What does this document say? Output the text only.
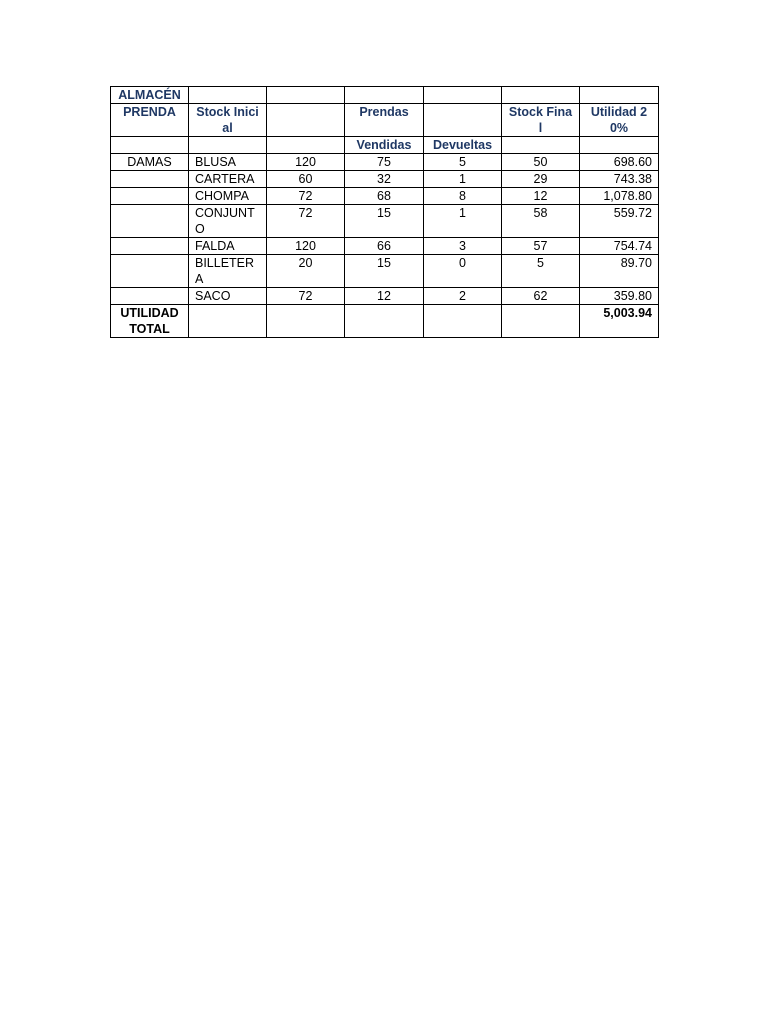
ALMACÉN						
PRENDA	Stock Inicial		Prendas		Stock Final	Utilidad 20%
			Vendidas	Devueltas		
DAMAS	BLUSA	120	75	5	50	698.60
	CARTERA	60	32	1	29	743.38
	CHOMPA	72	68	8	12	1,078.80
	CONJUNTO	72	15	1	58	559.72
	FALDA	120	66	3	57	754.74
	BILLETERA	20	15	0	5	89.70
	SACO	72	12	2	62	359.80
UTILIDAD TOTAL						5,003.94
